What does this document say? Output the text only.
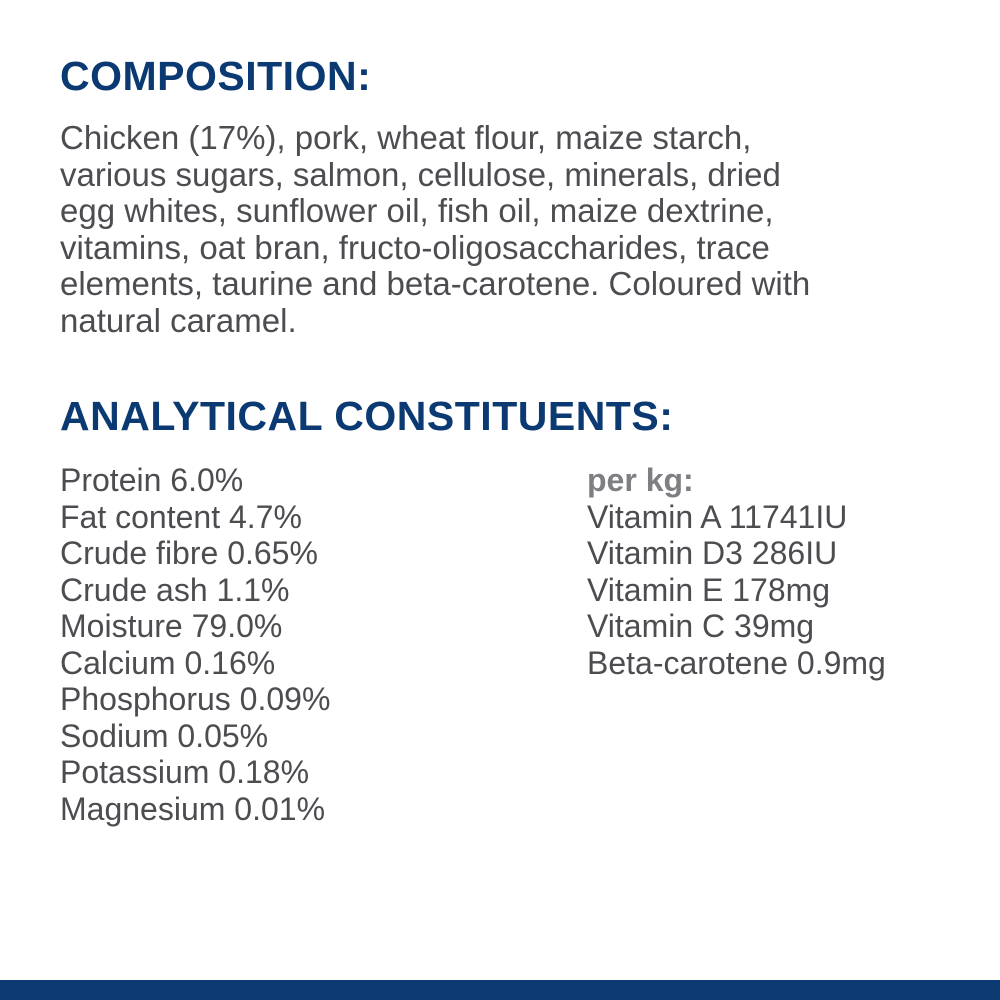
COMPOSITION:

Chicken (17%), pork, wheat flour, maize starch,
various sugars, salmon, cellulose, minerals, dried
egg whites, sunflower oil, fish oil, maize dextrine,
vitamins, oat bran, fructo-oligosaccharides, trace
elements, taurine and beta-carotene. Coloured with
natural caramel.

ANALYTICAL CONSTITUENTS:
Protein 6.0%
Fat content 4.7%
Crude fibre 0.65%
Crude ash 1.1%
Moisture 79.0%
Calcium 0.16%
Phosphorus 0.09%
Sodium 0.05%
Potassium 0.18%
Magnesium 0.01%
per kg:
Vitamin A 11741IU
Vitamin D3 286IU
Vitamin E 178mg
Vitamin C 39mg
Beta-carotene 0.9mg
